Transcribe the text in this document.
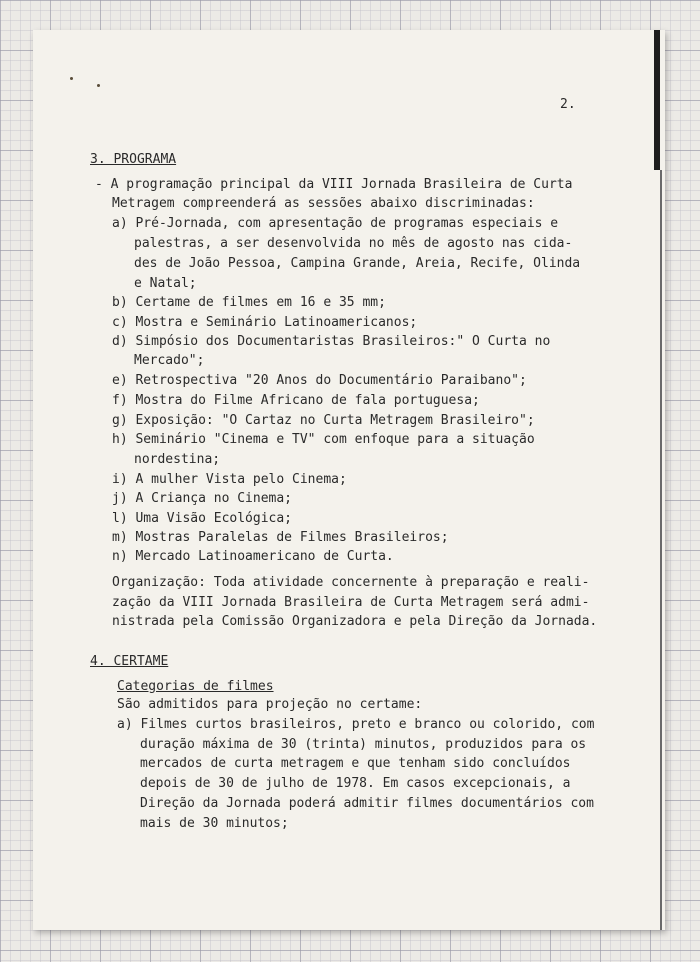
2.

3. PROGRAMA

- A programação principal da VIII Jornada Brasileira de Curta

Metragem compreenderá as sessões abaixo discriminadas:

a) Pré-Jornada, com apresentação de programas especiais e

palestras, a ser desenvolvida no mês de agosto nas cida-

des de João Pessoa, Campina Grande, Areia, Recife, Olinda

e Natal;

b) Certame de filmes em 16 e 35 mm;

c) Mostra e Seminário Latinoamericanos;

d) Simpósio dos Documentaristas Brasileiros:" O Curta no

Mercado";

e) Retrospectiva "20 Anos do Documentário Paraibano";

f) Mostra do Filme Africano de fala portuguesa;

g) Exposição: "O Cartaz no Curta Metragem Brasileiro";

h) Seminário "Cinema e TV" com enfoque para a situação

nordestina;

i) A mulher Vista pelo Cinema;

j) A Criança no Cinema;

l) Uma Visão Ecológica;

m) Mostras Paralelas de Filmes Brasileiros;

n) Mercado Latinoamericano de Curta.

Organização: Toda atividade concernente à preparação e reali-

zação da VIII Jornada Brasileira de Curta Metragem será admi-

nistrada pela Comissão Organizadora e pela Direção da Jornada.

4. CERTAME

Categorias de filmes

São admitidos para projeção no certame:

a) Filmes curtos brasileiros, preto e branco ou colorido, com

duração máxima de 30 (trinta) minutos, produzidos para os

mercados de curta metragem e que tenham sido concluídos

depois de 30 de julho de 1978. Em casos excepcionais, a

Direção da Jornada poderá admitir filmes documentários com

mais de 30 minutos;
